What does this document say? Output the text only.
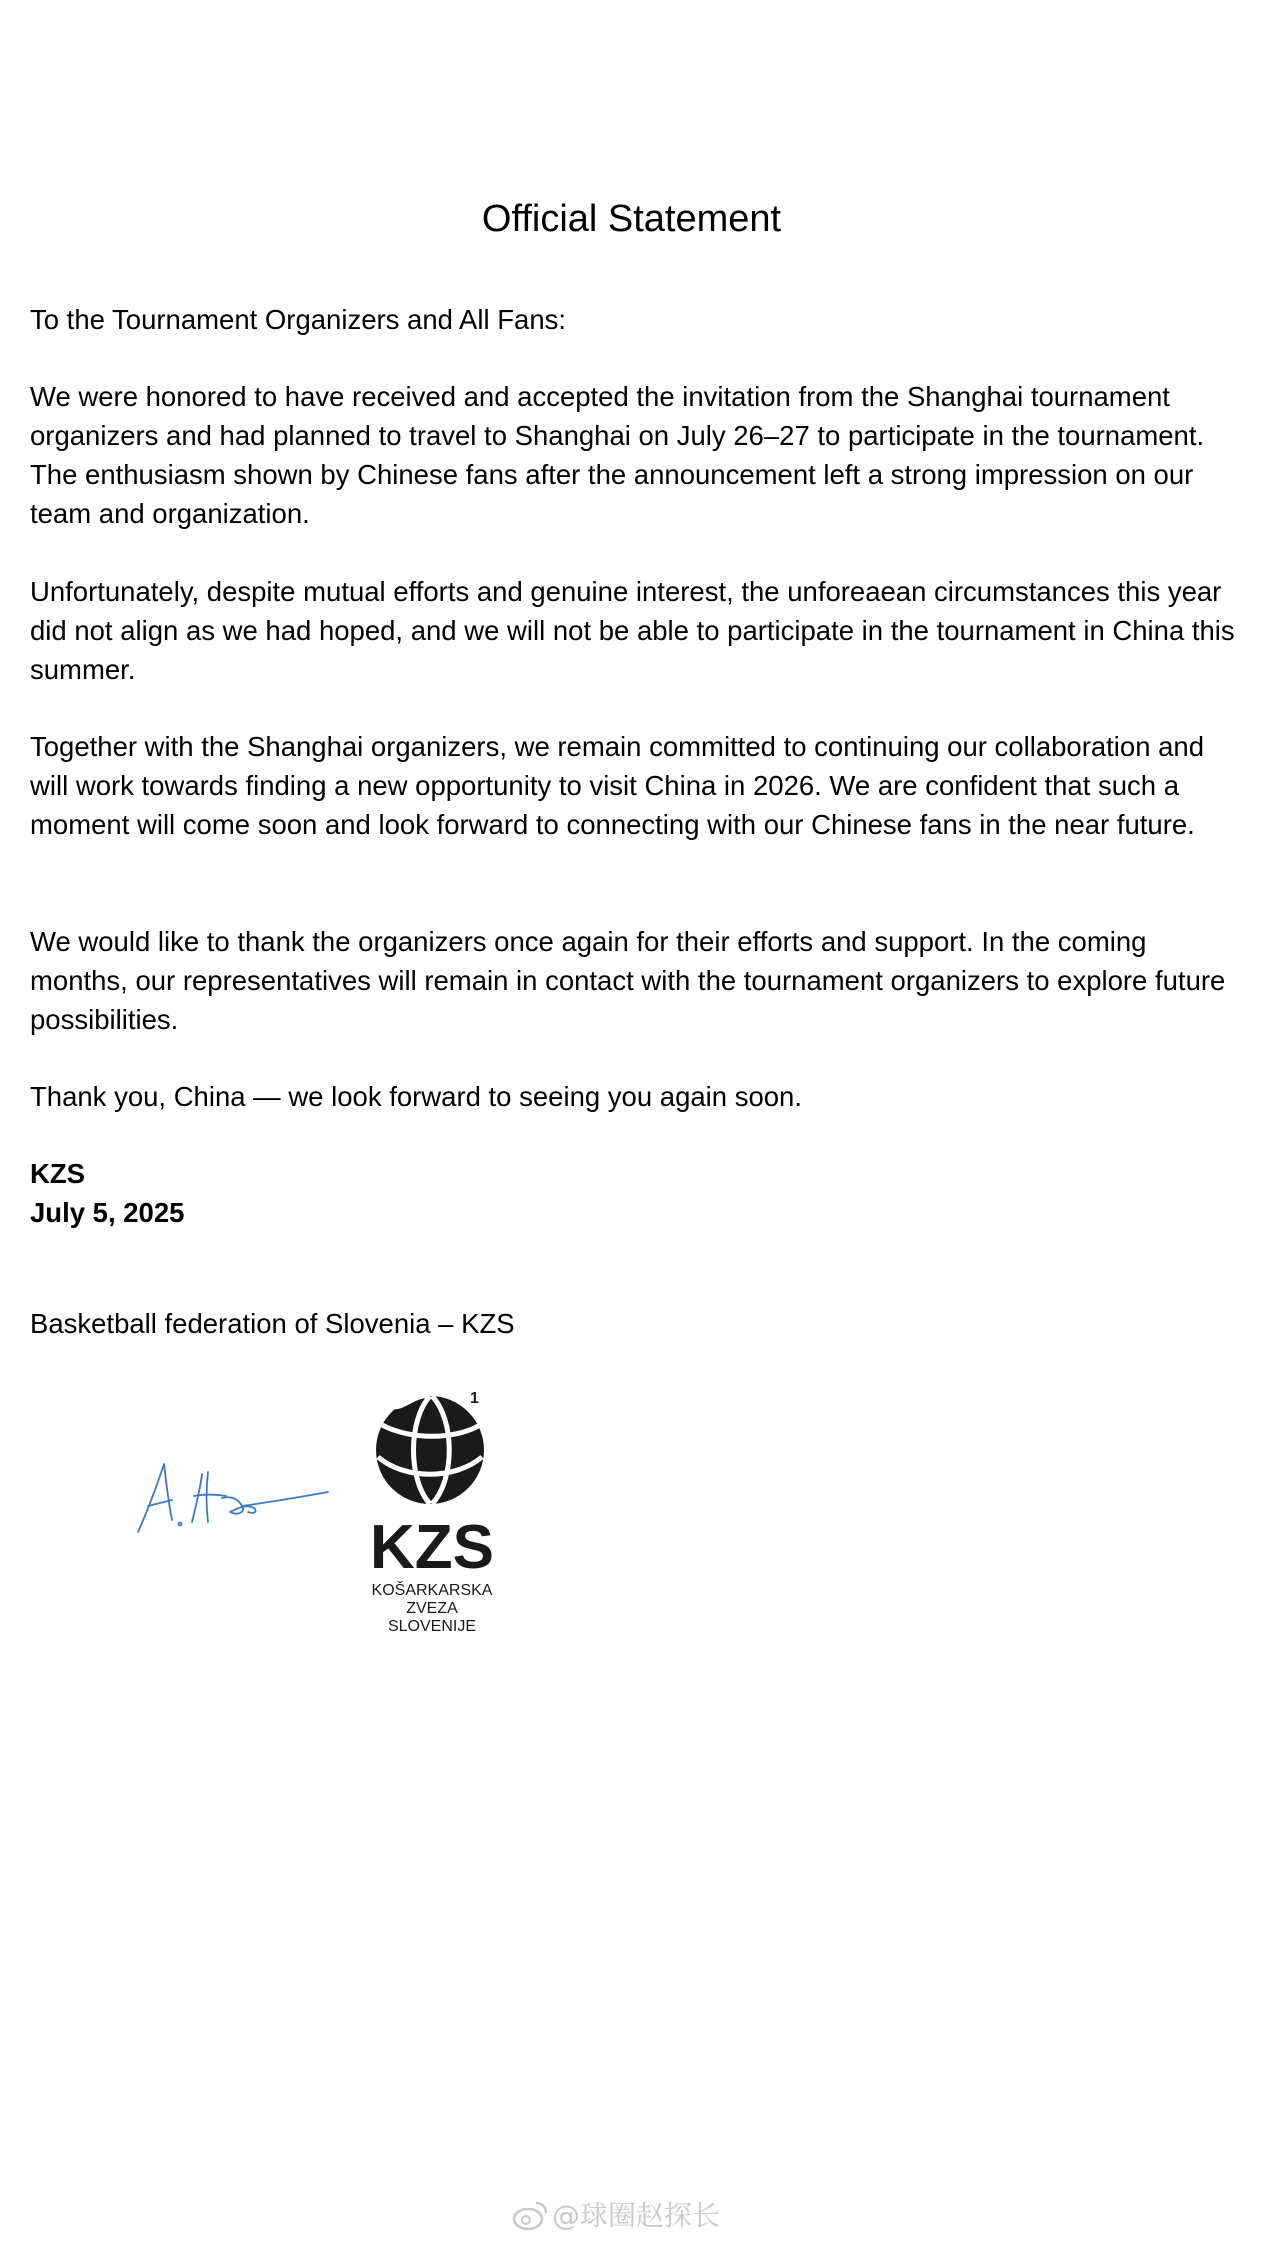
Official Statement

To the Tournament Organizers and All Fans:

We were honored to have received and accepted the invitation from the Shanghai tournament organizers and had planned to travel to Shanghai on July 26–27 to participate in the tournament. The enthusiasm shown by Chinese fans after the announcement left a strong impression on our team and organization.

Unfortunately, despite mutual efforts and genuine interest, the unforeaean circumstances this year did not align as we had hoped, and we will not be able to participate in the tournament in China this summer.

Together with the Shanghai organizers, we remain committed to continuing our collaboration and will work towards finding a new opportunity to visit China in 2026. We are confident that such a moment will come soon and look forward to connecting with our Chinese fans in the near future.

We would like to thank the organizers once again for their efforts and support. In the coming months, our representatives will remain in contact with the tournament organizers to explore future possibilities.

Thank you, China — we look forward to seeing you again soon.

KZS
July 5, 2025
Basketball federation of Slovenia – KZS
1
KZS
KOŠARKARSKA
ZVEZA
SLOVENIJE
@球圈赵探长
